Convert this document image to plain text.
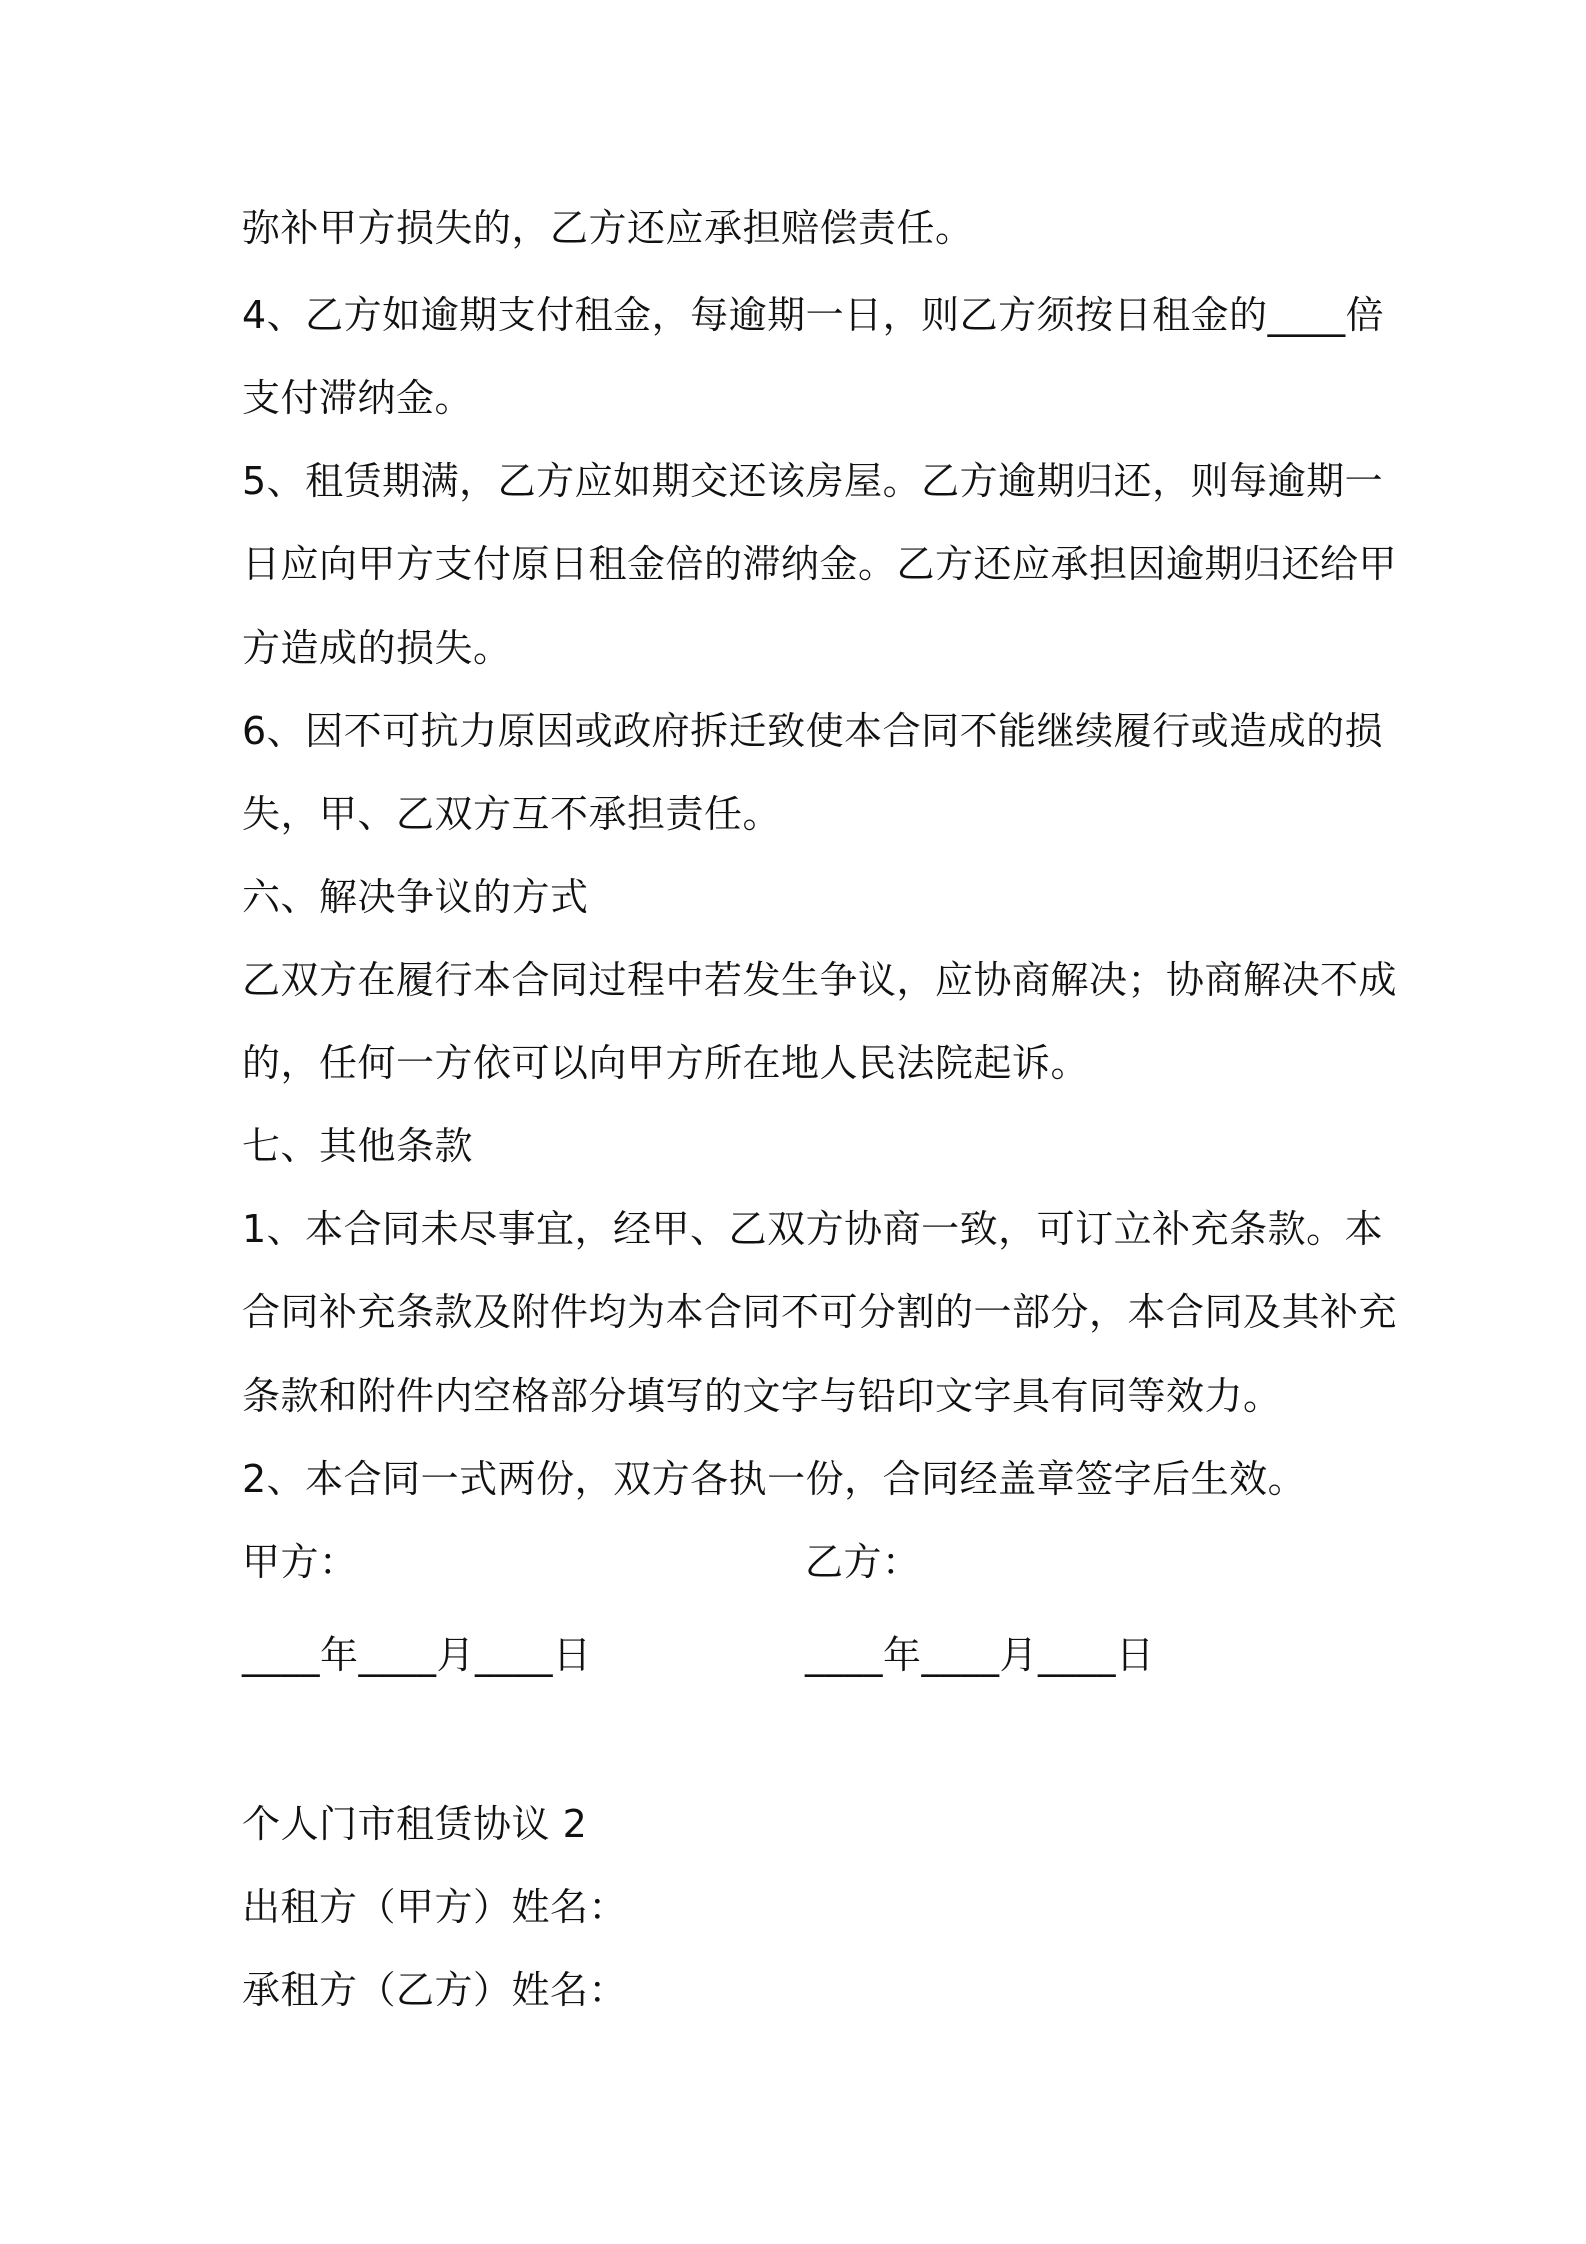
弥补甲方损失的，乙方还应承担赔偿责任。
4、乙方如逾期支付租金，每逾期一日，则乙方须按日租金的____倍
支付滞纳金。
5、租赁期满，乙方应如期交还该房屋。乙方逾期归还，则每逾期一
日应向甲方支付原日租金倍的滞纳金。乙方还应承担因逾期归还给甲
方造成的损失。
6、因不可抗力原因或政府拆迁致使本合同不能继续履行或造成的损
失，甲、乙双方互不承担责任。
六、解决争议的方式
乙双方在履行本合同过程中若发生争议，应协商解决；协商解决不成
的，任何一方依可以向甲方所在地人民法院起诉。
七、其他条款
1、本合同未尽事宜，经甲、乙双方协商一致，可订立补充条款。本
合同补充条款及附件均为本合同不可分割的一部分，本合同及其补充
条款和附件内空格部分填写的文字与铅印文字具有同等效力。
2、本合同一式两份，双方各执一份，合同经盖章签字后生效。
甲方：	乙方：
____年____月____日	____年____月____日
个人门市租赁协议 2
出租方（甲方）姓名：
承租方（乙方）姓名：
